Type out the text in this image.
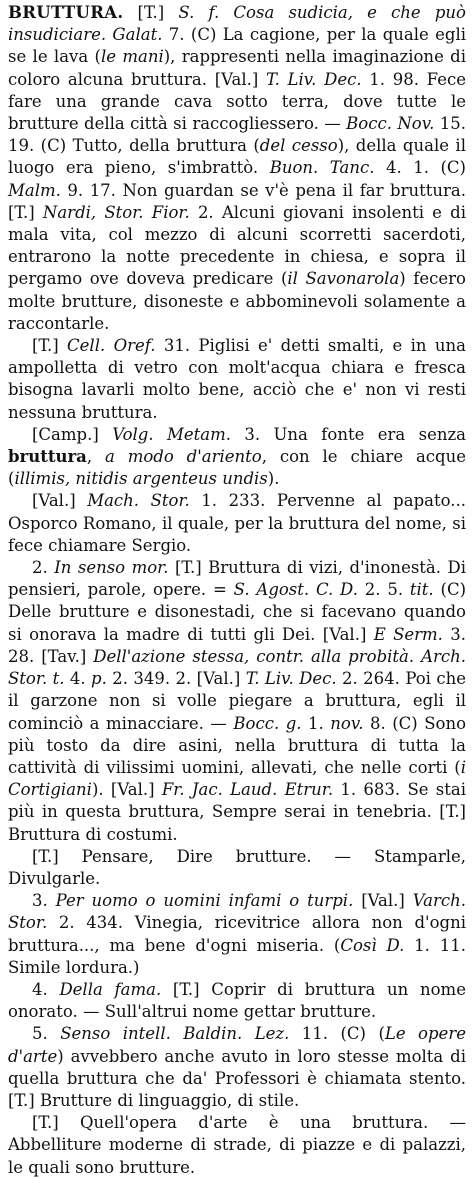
BRUTTURA. [T.] S. f. Cosa sudicia, e che può insudiciare. Galat. 7. (C) La cagione, per la quale egli se le lava (le mani), rappresenti nella imaginazione di coloro alcuna bruttura. [Val.] T. Liv. Dec. 1. 98. Fece fare una grande cava sotto terra, dove tutte le brutture della città si raccogliessero. — Bocc. Nov. 15. 19. (C) Tutto, della bruttura (del cesso), della quale il luogo era pieno, s'imbrattò. Buon. Tanc. 4. 1. (C) Malm. 9. 17. Non guardan se v'è pena il far bruttura. [T.] Nardi, Stor. Fior. 2. Alcuni giovani insolenti e di mala vita, col mezzo di alcuni scorretti sacerdoti, entrarono la notte precedente in chiesa, e sopra il pergamo ove doveva predicare (il Savonarola) fecero molte brutture, disoneste e abbominevoli solamente a raccontarle.

[T.] Cell. Oref. 31. Piglisi e' detti smalti, e in una ampolletta di vetro con molt'acqua chiara e fresca bisogna lavarli molto bene, acciò che e' non vi resti nessuna bruttura.

[Camp.] Volg. Metam. 3. Una fonte era senza bruttura, a modo d'ariento, con le chiare acque (illimis, nitidis argenteus undis).

[Val.] Mach. Stor. 1. 233. Pervenne al papato... Osporco Romano, il quale, per la bruttura del nome, si fece chiamare Sergio.

2. In senso mor. [T.] Bruttura di vizi, d'inonestà. Di pensieri, parole, opere. = S. Agost. C. D. 2. 5. tit. (C) Delle brutture e disonestadi, che si facevano quando si onorava la madre di tutti gli Dei. [Val.] E Serm. 3. 28. [Tav.] Dell'azione stessa, contr. alla probità. Arch. Stor. t. 4. p. 2. 349. 2. [Val.] T. Liv. Dec. 2. 264. Poi che il garzone non si volle piegare a bruttura, egli il cominciò a minacciare. — Bocc. g. 1. nov. 8. (C) Sono più tosto da dire asini, nella bruttura di tutta la cattività di vilissimi uomini, allevati, che nelle corti (i Cortigiani). [Val.] Fr. Jac. Laud. Etrur. 1. 683. Se stai più in questa bruttura, Sempre serai in tenebria. [T.] Bruttura di costumi.

[T.] Pensare, Dire brutture. — Stamparle, Divulgarle.

3. Per uomo o uomini infami o turpi. [Val.] Varch. Stor. 2. 434. Vinegia, ricevitrice allora non d'ogni bruttura..., ma bene d'ogni miseria. (Così D. 1. 11. Simile lordura.)

4. Della fama. [T.] Coprir di bruttura un nome onorato. — Sull'altrui nome gettar brutture.

5. Senso intell. Baldin. Lez. 11. (C) (Le opere d'arte) avvebbero anche avuto in loro stesse molta di quella bruttura che da' Professori è chiamata stento. [T.] Brutture di linguaggio, di stile.

[T.] Quell'opera d'arte è una bruttura. — Abbelliture moderne di strade, di piazze e di palazzi, le quali sono brutture.
